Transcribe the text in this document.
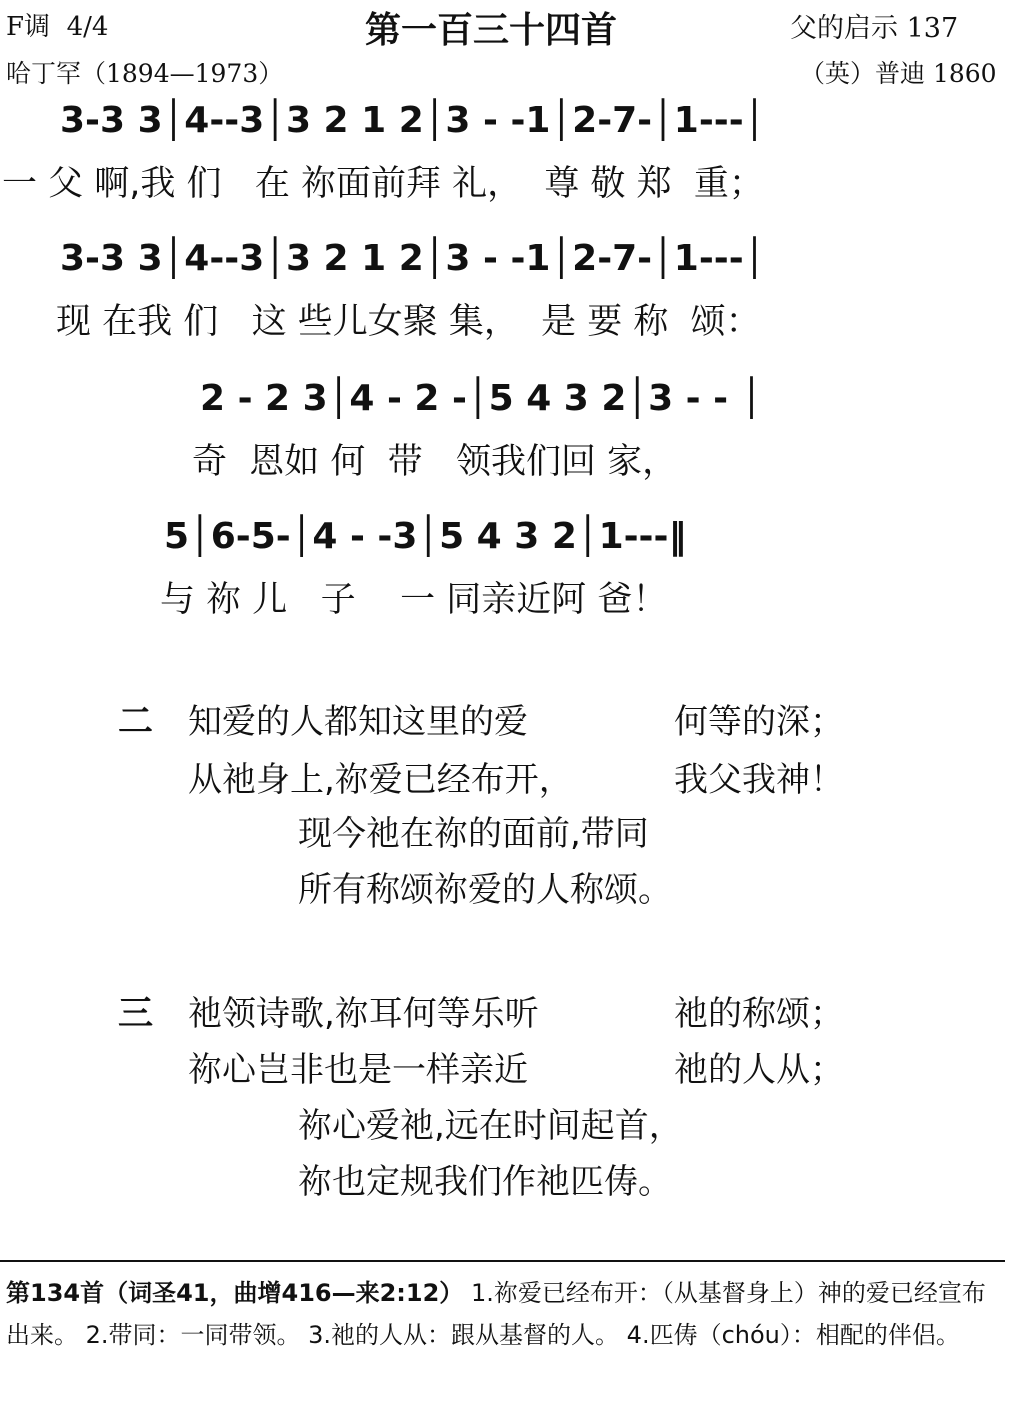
F调  4/4	第一百三十四首	父的启示 137
哈丁罕（1894—1973）	（英）普迪 1860
3-3 3│4--3│3 2 1 2│3 - -1│2-7-│1---│
一 父 啊,我 们   在 祢面前拜 礼，  尊 敬 郑  重；
3-3 3│4--3│3 2 1 2│3 - -1│2-7-│1---│
现 在我 们   这 些儿女聚 集，  是 要 称  颂：
2 - 2 3│4 - 2 -│5 4 3 2│3 - - │
奇  恩如 何  带   领我们回 家，
5│6-5-│4 - -3│5 4 3 2│1---‖
与 祢 儿   子    一 同亲近阿 爸！
二 知爱的人都知这里的爱	何等的深；
从祂身上,祢爱已经布开，	我父我神！
现今祂在祢的面前,带同
所有称颂祢爱的人称颂。
三 祂领诗歌,祢耳何等乐听	祂的称颂；
祢心岂非也是一样亲近	祂的人从；
祢心爱祂,远在时间起首，
祢也定规我们作祂匹俦。
第134首（词圣41，曲增416—来2:12） 1.祢爱已经布开：（从基督身上）神的爱已经宣布出来。 2.带同：一同带领。 3.祂的人从：跟从基督的人。 4.匹俦（chóu）：相配的伴侣。
